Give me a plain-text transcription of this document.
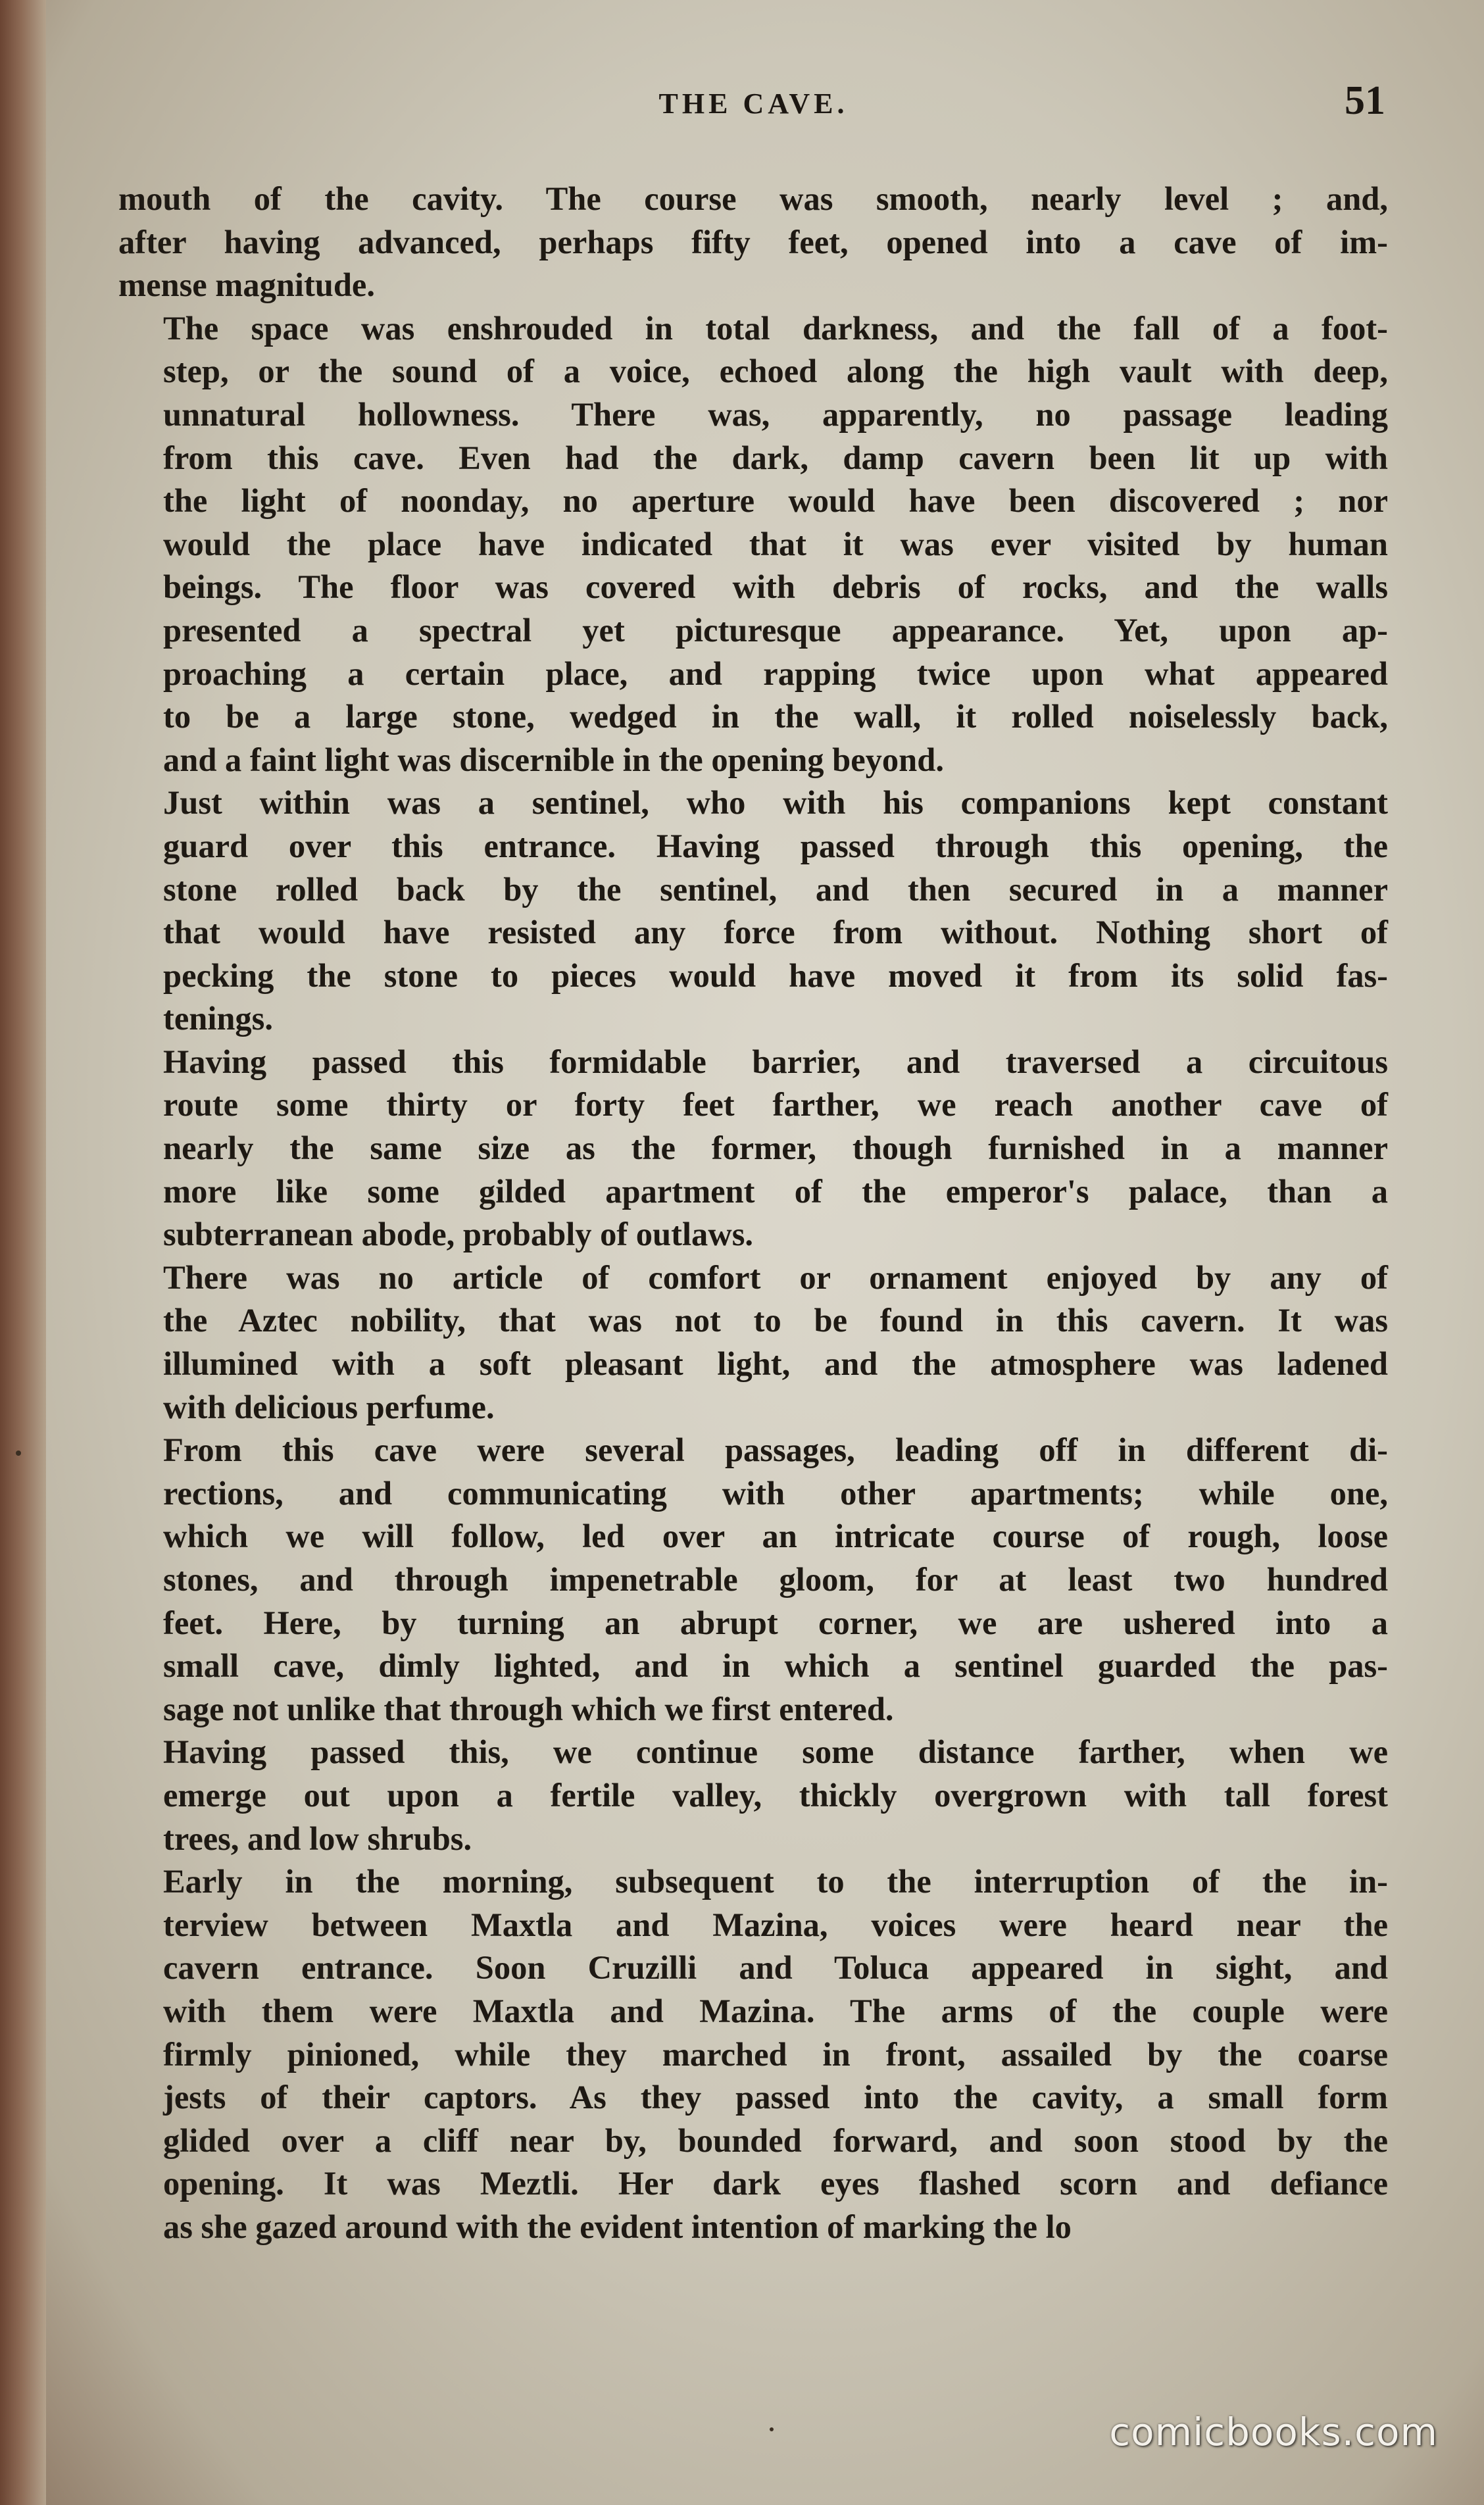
THE CAVE.	51
mouth of the cavity. The course was smooth, nearly level ; and,
after having advanced, perhaps fifty feet, opened into a cave of im-
mense magnitude.
The space was enshrouded in total darkness, and the fall of a foot-
step, or the sound of a voice, echoed along the high vault with deep,
unnatural hollowness. There was, apparently, no passage leading
from this cave. Even had the dark, damp cavern been lit up with
the light of noonday, no aperture would have been discovered ; nor
would the place have indicated that it was ever visited by human
beings. The floor was covered with debris of rocks, and the walls
presented a spectral yet picturesque appearance. Yet, upon ap-
proaching a certain place, and rapping twice upon what appeared
to be a large stone, wedged in the wall, it rolled noiselessly back,
and a faint light was discernible in the opening beyond.
Just within was a sentinel, who with his companions kept constant
guard over this entrance. Having passed through this opening, the
stone rolled back by the sentinel, and then secured in a manner
that would have resisted any force from without. Nothing short of
pecking the stone to pieces would have moved it from its solid fas-
tenings.
Having passed this formidable barrier, and traversed a circuitous
route some thirty or forty feet farther, we reach another cave of
nearly the same size as the former, though furnished in a manner
more like some gilded apartment of the emperor's palace, than a
subterranean abode, probably of outlaws.
There was no article of comfort or ornament enjoyed by any of
the Aztec nobility, that was not to be found in this cavern. It was
illumined with a soft pleasant light, and the atmosphere was ladened
with delicious perfume.
From this cave were several passages, leading off in different di-
rections, and communicating with other apartments; while one,
which we will follow, led over an intricate course of rough, loose
stones, and through impenetrable gloom, for at least two hundred
feet. Here, by turning an abrupt corner, we are ushered into a
small cave, dimly lighted, and in which a sentinel guarded the pas-
sage not unlike that through which we first entered.
Having passed this, we continue some distance farther, when we
emerge out upon a fertile valley, thickly overgrown with tall forest
trees, and low shrubs.
Early in the morning, subsequent to the interruption of the in-
terview between Maxtla and Mazina, voices were heard near the
cavern entrance. Soon Cruzilli and Toluca appeared in sight, and
with them were Maxtla and Mazina. The arms of the couple were
firmly pinioned, while they marched in front, assailed by the coarse
jests of their captors. As they passed into the cavity, a small form
glided over a cliff near by, bounded forward, and soon stood by the
opening. It was Meztli. Her dark eyes flashed scorn and defiance
as she gazed around with the evident intention of marking the lo
comicbooks.com
